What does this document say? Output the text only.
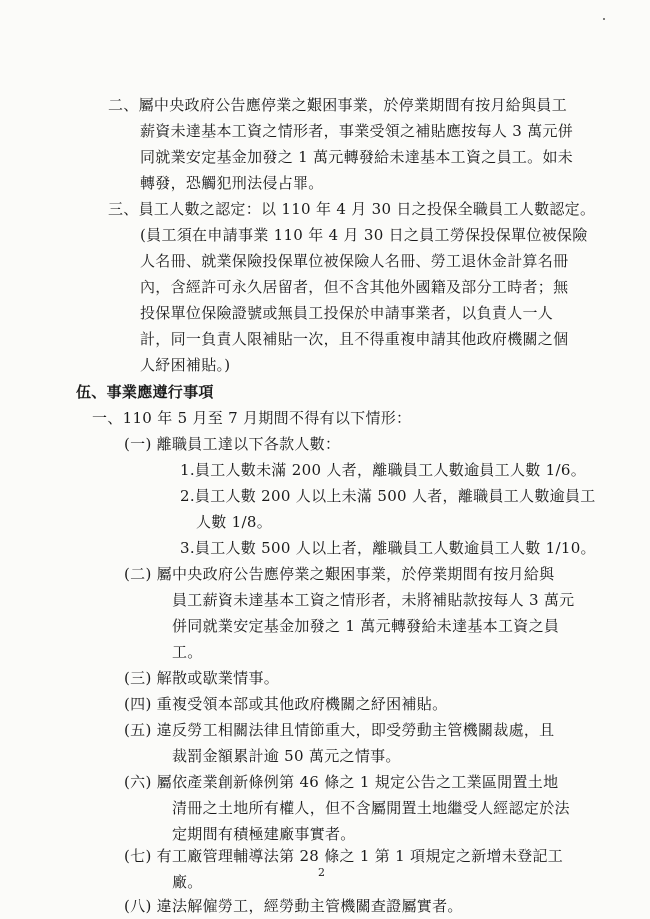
二、屬中央政府公告應停業之艱困事業，於停業期間有按月給與員工
薪資未達基本工資之情形者，事業受領之補貼應按每人 3 萬元併
同就業安定基金加發之 1 萬元轉發給未達基本工資之員工。如未
轉發，恐觸犯刑法侵占罪。
三、員工人數之認定：以 110 年 4 月 30 日之投保全職員工人數認定。
(員工須在申請事業 110 年 4 月 30 日之員工勞保投保單位被保險
人名冊、就業保險投保單位被保險人名冊、勞工退休金計算名冊
內，含經許可永久居留者，但不含其他外國籍及部分工時者；無
投保單位保險證號或無員工投保於申請事業者，以負責人一人
計，同一負責人限補貼一次，且不得重複申請其他政府機關之個
人紓困補貼。)
伍、事業應遵行事項
一、110 年 5 月至 7 月期間不得有以下情形：
(一) 離職員工達以下各款人數：
1.員工人數未滿 200 人者，離職員工人數逾員工人數 1/6。
2.員工人數 200 人以上未滿 500 人者，離職員工人數逾員工
人數 1/8。
3.員工人數 500 人以上者，離職員工人數逾員工人數 1/10。
(二) 屬中央政府公告應停業之艱困事業，於停業期間有按月給與
員工薪資未達基本工資之情形者，未將補貼款按每人 3 萬元
併同就業安定基金加發之 1 萬元轉發給未達基本工資之員
工。
(三) 解散或歇業情事。
(四) 重複受領本部或其他政府機關之紓困補貼。
(五) 違反勞工相關法律且情節重大，即受勞動主管機關裁處，且
裁罰金額累計逾 50 萬元之情事。
(六) 屬依產業創新條例第 46 條之 1 規定公告之工業區閒置土地
清冊之土地所有權人，但不含屬閒置土地繼受人經認定於法
定期間有積極建廠事實者。
(七) 有工廠管理輔導法第 28 條之 1 第 1 項規定之新增未登記工
廠。
(八) 違法解僱勞工，經勞動主管機關查證屬實者。
2
